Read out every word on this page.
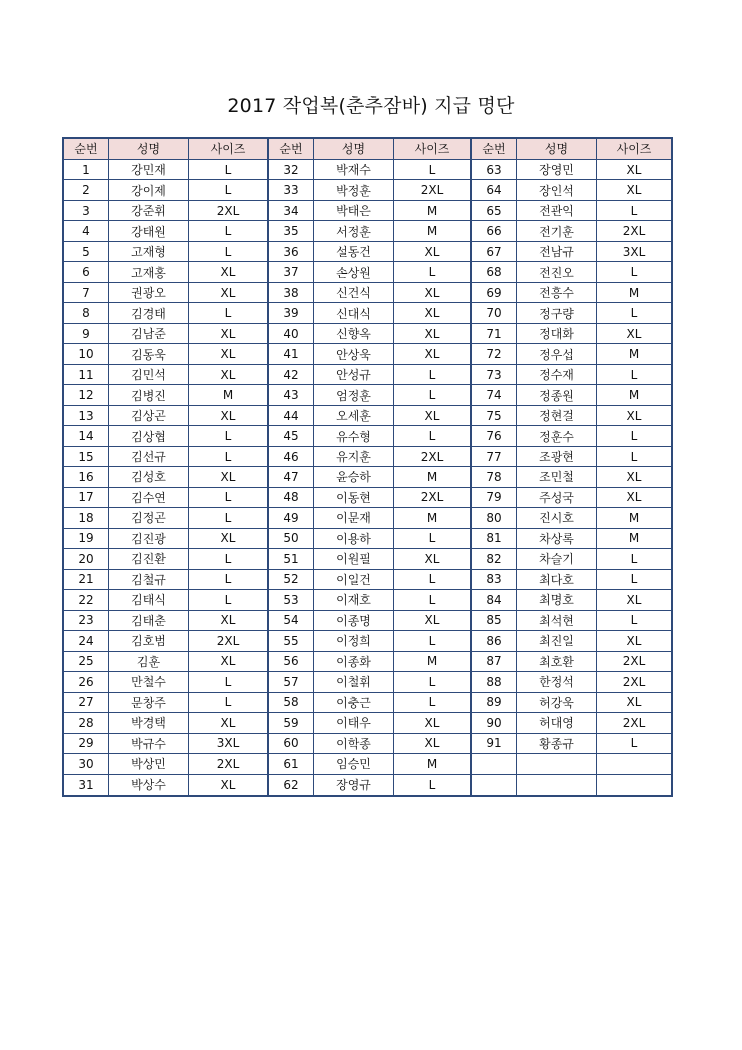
2017 작업복(춘추잠바) 지급 명단
순번	성명	사이즈
1	강민재	L
2	강이제	L
3	강준휘	2XL
4	강태원	L
5	고재형	L
6	고재홍	XL
7	권광오	XL
8	김경태	L
9	김남준	XL
10	김동욱	XL
11	김민석	XL
12	김병진	M
13	김상곤	XL
14	김상협	L
15	김선규	L
16	김성호	XL
17	김수연	L
18	김정곤	L
19	김진광	XL
20	김진환	L
21	김철규	L
22	김태식	L
23	김태춘	XL
24	김호범	2XL
25	김훈	XL
26	만철수	L
27	문창주	L
28	박경택	XL
29	박규수	3XL
30	박상민	2XL
31	박상수	XL
순번	성명	사이즈
32	박재수	L
33	박정훈	2XL
34	박태은	M
35	서정훈	M
36	설동건	XL
37	손상원	L
38	신건식	XL
39	신대식	XL
40	신향옥	XL
41	안상욱	XL
42	안성규	L
43	엄정훈	L
44	오세훈	XL
45	유수형	L
46	유지훈	2XL
47	윤승하	M
48	이동현	2XL
49	이문재	M
50	이용하	L
51	이원필	XL
52	이일건	L
53	이재호	L
54	이종명	XL
55	이정희	L
56	이종화	M
57	이철휘	L
58	이충근	L
59	이태우	XL
60	이학종	XL
61	임승민	M
62	장영규	L
순번	성명	사이즈
63	장영민	XL
64	장인석	XL
65	전관익	L
66	전기훈	2XL
67	전남규	3XL
68	전진오	L
69	전흥수	M
70	정구량	L
71	정대화	XL
72	정우섭	M
73	정수재	L
74	정종원	M
75	정현걸	XL
76	정훈수	L
77	조광현	L
78	조민철	XL
79	주성국	XL
80	진시호	M
81	차상록	M
82	차슬기	L
83	최다호	L
84	최명호	XL
85	최석현	L
86	최진일	XL
87	최호환	2XL
88	한정석	2XL
89	허강욱	XL
90	허대영	2XL
91	황종규	L
